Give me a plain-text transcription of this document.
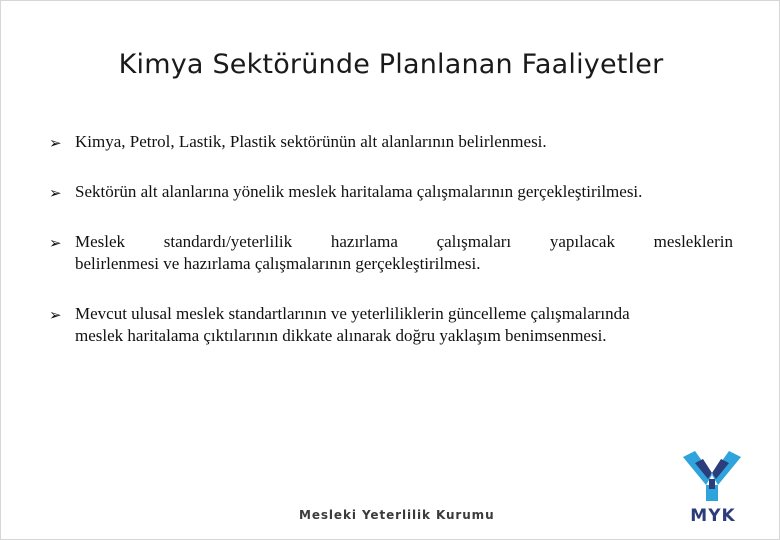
Kimya Sektöründe Planlanan Faaliyetler
➢ Kimya, Petrol, Lastik, Plastik sektörünün alt alanlarının belirlenmesi.
➢ Sektörün alt alanlarına yönelik meslek haritalama çalışmalarının gerçekleştirilmesi.
➢ Meslek standardı/yeterlilik hazırlama çalışmaları yapılacak mesleklerin
belirlenmesi ve hazırlama çalışmalarının gerçekleştirilmesi.
➢ Mevcut ulusal meslek standartlarının ve yeterliliklerin güncelleme çalışmalarında
meslek haritalama çıktılarının dikkate alınarak doğru yaklaşım benimsenmesi.
Mesleki Yeterlilik Kurumu	MYK
